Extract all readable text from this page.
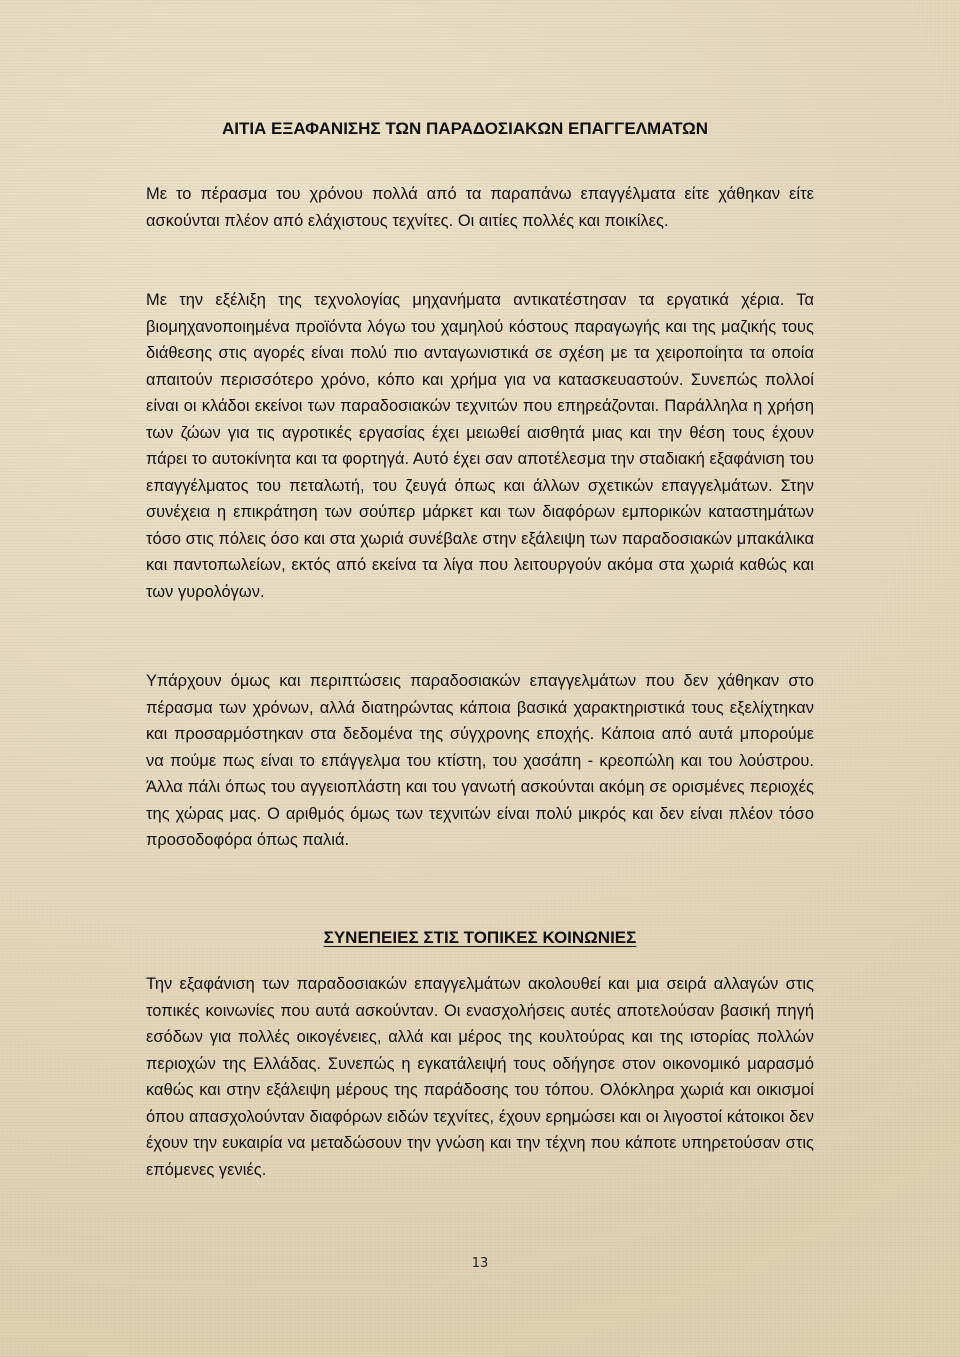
ΑΙΤΙΑ ΕΞΑΦΑΝΙΣΗΣ ΤΩΝ ΠΑΡΑΔΟΣΙΑΚΩΝ ΕΠΑΓΓΕΛΜΑΤΩΝ

Με το πέρασμα του χρόνου πολλά από τα παραπάνω επαγγέλματα είτε χάθηκαν είτε ασκούνται πλέον από ελάχιστους τεχνίτες. Οι αιτίες πολλές και ποικίλες.

Με την εξέλιξη της τεχνολογίας μηχανήματα αντικατέστησαν τα εργατικά χέρια. Τα βιομηχανοποιημένα προϊόντα λόγω του χαμηλού κόστους παραγωγής και της μαζικής τους διάθεσης στις αγορές είναι πολύ πιο ανταγωνιστικά σε σχέση με τα χειροποίητα τα οποία απαιτούν περισσότερο χρόνο, κόπο και χρήμα για να κατασκευαστούν. Συνεπώς πολλοί είναι οι κλάδοι εκείνοι των παραδοσιακών τεχνιτών που επηρεάζονται. Παράλληλα η χρήση των ζώων για τις αγροτικές εργασίας έχει μειωθεί αισθητά μιας και την θέση τους έχουν πάρει το αυτοκίνητα και τα φορτηγά. Αυτό έχει σαν αποτέλεσμα την σταδιακή εξαφάνιση του επαγγέλματος του πεταλωτή, του ζευγά όπως και άλλων σχετικών επαγγελμάτων. Στην συνέχεια η επικράτηση των σούπερ μάρκετ και των διαφόρων εμπορικών καταστημάτων τόσο στις πόλεις όσο και στα χωριά συνέβαλε στην εξάλειψη των παραδοσιακών μπακάλικα και παντοπωλείων, εκτός από εκείνα τα λίγα που λειτουργούν ακόμα στα χωριά καθώς και των γυρολόγων.

Υπάρχουν όμως και περιπτώσεις παραδοσιακών επαγγελμάτων που δεν χάθηκαν στο πέρασμα των χρόνων, αλλά διατηρώντας κάποια βασικά χαρακτηριστικά τους εξελίχτηκαν και προσαρμόστηκαν στα δεδομένα της σύγχρονης εποχής. Κάποια από αυτά μπορούμε να πούμε πως είναι το επάγγελμα του κτίστη, του χασάπη - κρεοπώλη και του λούστρου. Άλλα πάλι όπως του αγγειοπλάστη και του γανωτή ασκούνται ακόμη σε ορισμένες περιοχές της χώρας μας. Ο αριθμός όμως των τεχνιτών είναι πολύ μικρός και δεν είναι πλέον τόσο προσοδοφόρα όπως παλιά.

ΣΥΝΕΠΕΙΕΣ ΣΤΙΣ ΤΟΠΙΚΕΣ ΚΟΙΝΩΝΙΕΣ

Την εξαφάνιση των παραδοσιακών επαγγελμάτων ακολουθεί και μια σειρά αλλαγών στις τοπικές κοινωνίες που αυτά ασκούνταν. Οι ενασχολήσεις αυτές αποτελούσαν βασική πηγή εσόδων για πολλές οικογένειες, αλλά και μέρος της κουλτούρας και της ιστορίας πολλών περιοχών της Ελλάδας. Συνεπώς η εγκατάλειψή τους οδήγησε στον οικονομικό μαρασμό καθώς και στην εξάλειψη μέρους της παράδοσης του τόπου. Ολόκληρα χωριά και οικισμοί όπου απασχολούνταν διαφόρων ειδών τεχνίτες, έχουν ερημώσει και οι λιγοστοί κάτοικοι δεν έχουν την ευκαιρία να μεταδώσουν την γνώση και την τέχνη που κάποτε υπηρετούσαν στις επόμενες γενιές.

13
